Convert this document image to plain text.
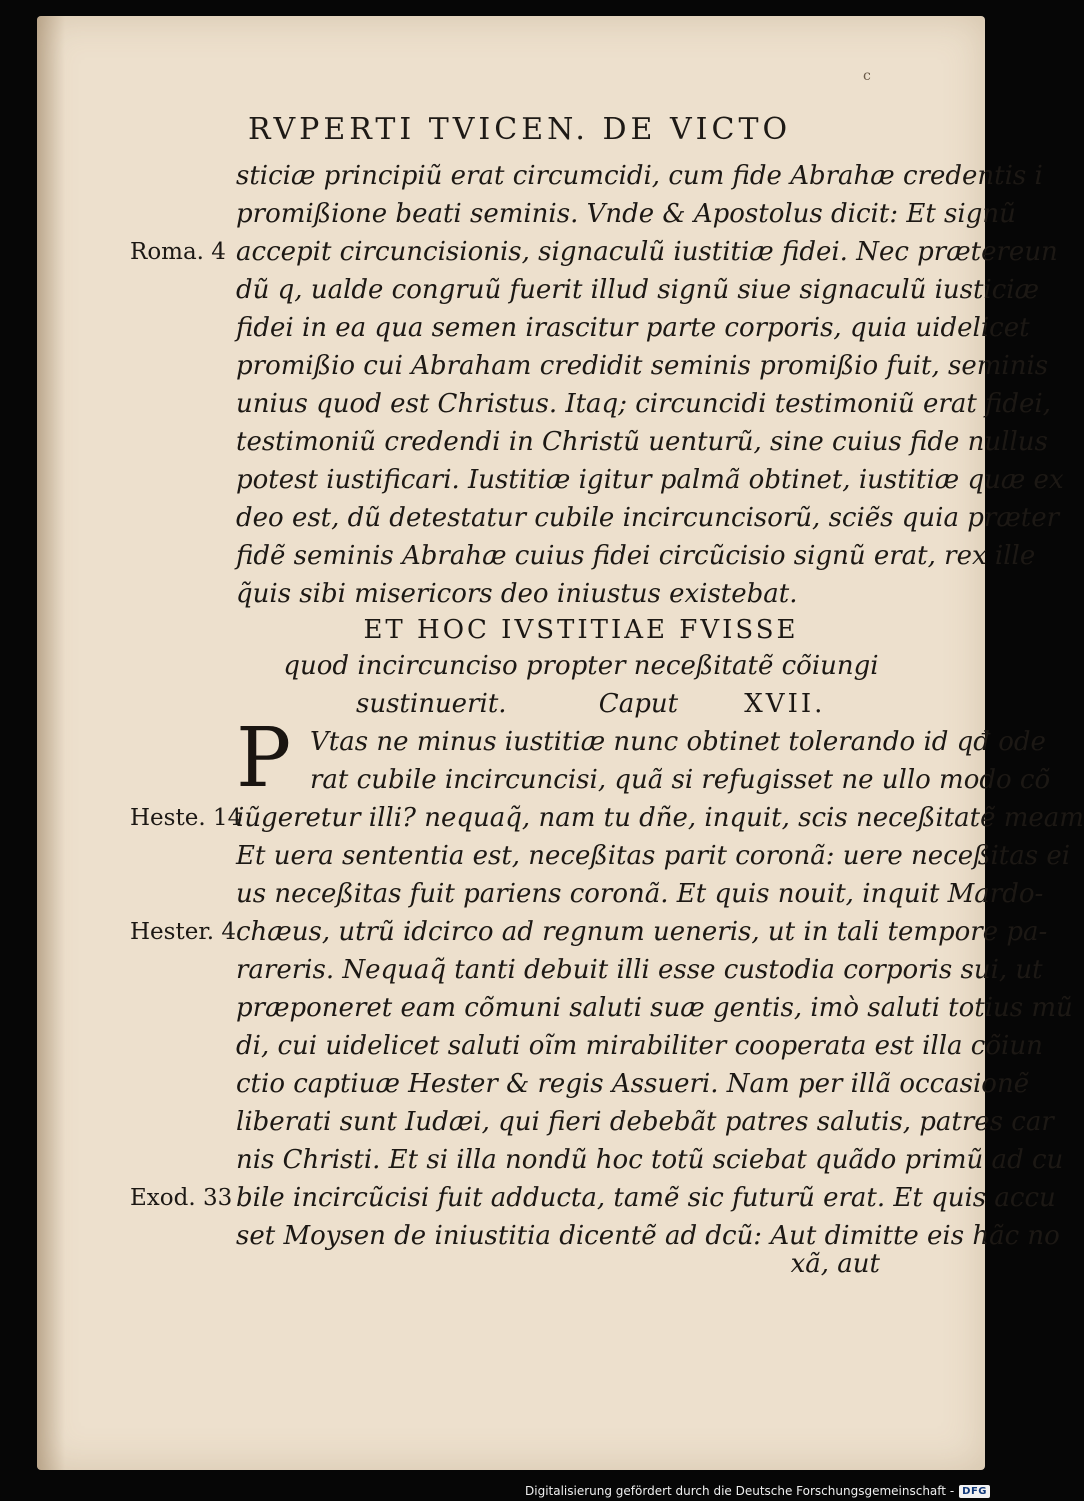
c
RVPERTI TVICEN. DE VICTO
sticiæ principiũ erat circumcidi, cum fide Abrahæ credentis i
promißione beati seminis. Vnde & Apostolus dicit: Et signũ
Roma. 4 accepit circuncisionis, signaculũ iustitiæ fidei. Nec prætereun
dũ q, ualde congruũ fuerit illud signũ siue signaculũ iusticiæ
fidei in ea qua semen irascitur parte corporis, quia uidelicet
promißio cui Abraham credidit seminis promißio fuit, seminis
unius quod est Christus. Itaq; circuncidi testimoniũ erat fidei,
testimoniũ credendi in Christũ uenturũ, sine cuius fide nullus
potest iustificari. Iustitiæ igitur palmã obtinet, iustitiæ quæ ex
deo est, dũ detestatur cubile incircuncisorũ, sciẽs quia præter
fidẽ seminis Abrahæ cuius fidei circũcisio signũ erat, rex ille
q̃uis sibi misericors deo iniustus existebat.
ET HOC IVSTITIAE FVISSE
quod incircunciso propter neceßitatẽ cõiungi
sustinuerit.	Caput	XVII.
P Vtas ne minus iustitiæ nunc obtinet tolerando id qđ ode
rat cubile incircuncisi, quã si refugisset ne ullo modo cõ
Heste. 14
iũgeretur illi? nequaq̃, nam tu dñe, inquit, scis neceßitatẽ meam
Et uera sententia est, neceßitas parit coronã: uere neceßitas ei
us neceßitas fuit pariens coronã. Et quis nouit, inquit Mardo-
Hester. 4 chæus, utrũ idcirco ad regnum ueneris, ut in tali tempore pa-
rareris. Nequaq̃ tanti debuit illi esse custodia corporis sui, ut
præponeret eam cõmuni saluti suæ gentis, imò saluti totius mũ
di, cui uidelicet saluti oĩm mirabiliter cooperata est illa cõiun
ctio captiuæ Hester & regis Assueri. Nam per illã occasionẽ
liberati sunt Iudæi, qui fieri debebãt patres salutis, patres car
nis Christi. Et si illa nondũ hoc totũ sciebat quãdo primũ ad cu
Exod. 33 bile incircũcisi fuit adducta, tamẽ sic futurũ erat. Et quis accu
set Moysen de iniustitia dicentẽ ad dcũ: Aut dimitte eis hãc no
xã, aut
Digitalisierung gefördert durch die Deutsche Forschungsgemeinschaft - DFG
